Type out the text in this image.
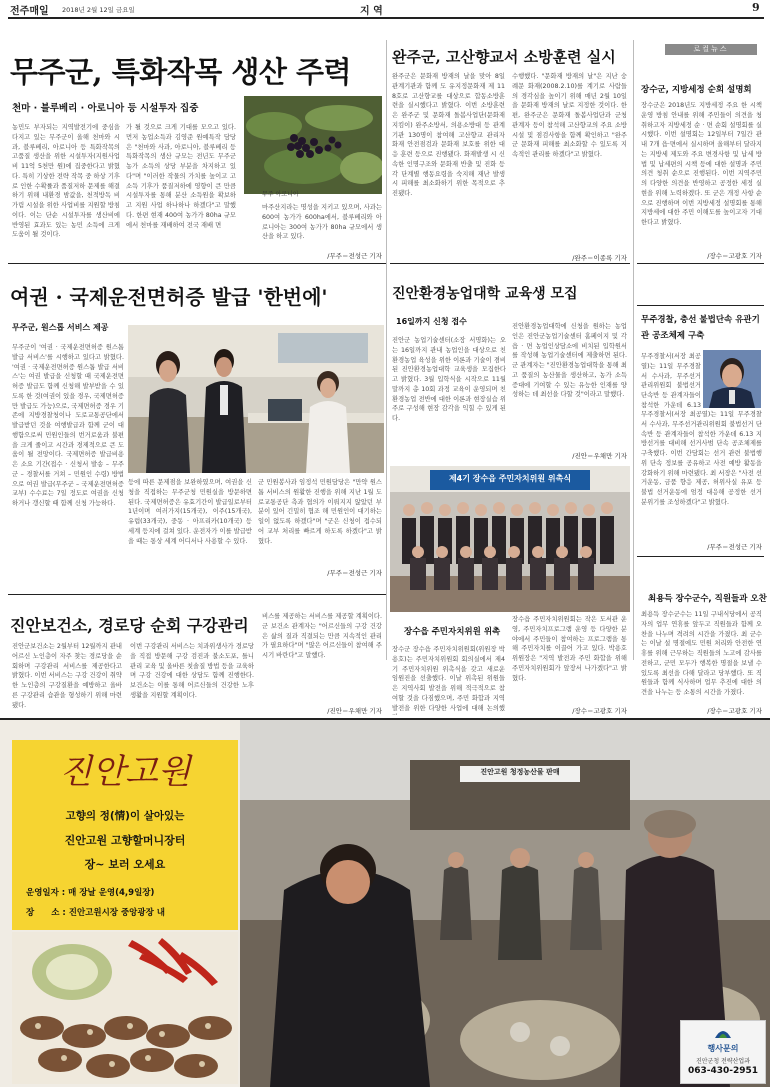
전주매일 2018년 2월 12일 금요일	지 역	9
무주군, 특화작목 생산 주력
천마 · 블루베리 · 아로니아 등 시설투자 집중
농민도 부자되는 지역발전기에 중심을 다지고 있는 무주군이 올해 천마와 시과, 블루베리, 아로니아 등 특화작목의 고품질 생산을 위한 시설투자(지원사업비 11억 5천만 원)에 집중한다고 밝혔다. 특히 기상한 전략 작목 중 하상 기후로 인한 수확률과 품질저하 문제를 해결하기 위해 내환경 밤값을, 천적방독 비가림 시설을 위한 사업비를 지원할 방침이다. 이는 단순 시설투자를 생산비에 반영된 효과도 있는 농민 소득에 크게 도움이 될 것이다.
가 될 것으로 크게 기대를 모으고 있다. 먼저 농업소득과 김영준 원예특작 담당은 "천마와 사과, 아로니아, 블루베리 등 특화작목의 생산 규모는 전년도 무주군 농가 소득의 상당 부분을 차지하고 있다"며 "이러한 작물의 가치를 높이고 고소득 기후가 품질저하에 영향이 큰 만큼 시설투자를 통해 분산 소득원을 확보하고 지원 사업 하나하나 하겠다"고 말했다. 한편 현재 400여 농가가 80ha 규모에서 천마를 재배하여 전국 재배 면
무주 아로니아
마주산지라는 명성을 지키고 있으며, 사과는 600여 농가가 600ha에서, 블루베리와 아로니아는 300여 농가가 80ha 규모에서 생산을 하고 있다.
/무주＝전성근 기자
완주군, 고산향교서 소방훈련 실시
완주군은 문화재 방재의 날을 맞아 8일 관계기관과 함께 도 유지정문화재 제 118호로 고산향교를 대상으로 합동소방훈련을 실시했다고 밝혔다. 이번 소방훈련은 완주군 및 문화재 돌봄사업단(문화재지킴이) 완주소방서, 의용소방대 등 관계기관 130명이 참여해 고산향교 관리자 화재 안전점검과 문화재 보호를 위한 대응 훈련 등으로 진행됐다. 화재발생 시 신속한 인명구조와 문화재 반출 및 진화 등 각 단계별 행동요령을 숙지해 재난 발생시 피해를 최소화하기 위한 목적으로 추진됐다.
수행했다. "문화재 방재의 날"은 지난 숭례문 화재(2008.2.10)를 계기로 사람들의 경각심을 높이기 위해 매년 2월 10일을 문화재 방재의 날로 지정한 것이다. 한편, 완주군은 문화재 돌봄사업단과 군청 관계자 등이 참석해 고산향교의 주요 소방시설 및 점검사항을 함께 확인하고 "완주군 문화재 피해를 최소화할 수 있도록 지속적인 관리를 하겠다"고 밝혔다.
/완주＝이종록 기자
로컬뉴스
장수군, 지방세정 순회 설명회
장수군은 2018년도 지방세정 주요 한 시책 운영 방침 안내를 위해 주민들이 의견을 청취하고자 지방세정 순 · 면 순회 설명회를 실시했다. 이번 설명회는 12일부터 7일간 관내 7개 읍·면에서 실시하며 올해부터 달라지는 지방세 제도와 주요 변경사항 및 납세 방법 및 납세편의 시책 등에 대한 설명과 주민의견 청취 순으로 진행된다. 이번 지역주민의 다양한 의견을 반영하고 공정한 세정 실현을 위해 노력하겠다. 또 군은 개정 사항 순으로 진행하며 이번 지방세정 설명회를 통해 지방세에 대한 주민 이해도를 높이고자 기대한다고 밝혔다.
/장수＝고광호 기자
여권 · 국제운전면허증 발급 '한번에'
무주군, 원스톱 서비스 제공
무주군이 '여권 · 국제운전면허증 원스톱 발급 서비스'를 시행하고 있다고 밝혔다. '여권 · 국제운전면허증 원스톱 발급 서비스'는 여권 발급을 신청할 때 국제운전면허증 발급도 함께 신청해 발부받을 수 있도록 한 것(여권이 있을 경우, 국제면허증만 발급도 가능)으로, 국제면허증 경우 기존에 지방경찰청이나 도로교통공단에서 발급받던 것을 여행발급과 함께 군이 대행함으로써 민원인들의 번거로움과 불편을 크게 줄이고 시간과 경제적으로 큰 도움이 될 전망이다. 국제면허증 발급비용은 소요 기간(접수 · 신청서 발송 – 무주군 – 경찰서를 거쳐 – 민원인 수령) 방법으로 여권 발급(무주군 – 국제운전면허증 교부) 수수료는 7일 정도로 여권을 신청하거나 갱신할 때 함께 신청 가능하다.
등에 따른 문제점을 보완하였으며, 여권을 신청을 직접하는 무주군청 민원실을 방문하면 된다. 국제면허증은 유효기간이 발급일로부터 1년이며 여러가지(15개국), 이주(15개국), 유럽(33개국), 중동 · 아프리카(10개국) 등 세계 등지에 걸쳐 있다. 운전자가 이를 발급받을 때는 통상 세계 어디서나 사용할 수 있다.
군 민원봉사과 임정석 민원담당은 "만약 원스톱 서비스의 원활한 진행을 위해 지난 1월 도로교통공단 측과 협의가 이뤄지지 않았던 부분이 있어 긴밀히 협조 해 민원인이 대기하는 일이 없도록 하겠다"며 "군은 신청이 접수되어 교부 처리를 빠르게 하도록 하겠다"고 밝혔다.
/무주＝전성근 기자
진안환경농업대학 교육생 모집
16일까지 신청 접수
진안군 농업기술센터(소장 서명화)는 오는 16일까지 관내 농업인을 대상으로 친환경농업 육성을 위한 이론과 기술이 겸비된 진안환경농업대학 교육생을 모집한다고 밝혔다. 3월 입학식을 시작으로 11월 말까지 총 10회 과정 교육이 운영되며 친환경농업 전반에 대한 이론과 현장실습 위주로 구성해 현장 감각을 익힐 수 있게 된다.
진안환경농업대학에 신청을 원하는 농업인은 진안군농업기술센터 홈페이지 및 각 읍 · 면 농업인상담소에 비치된 입학원서를 작성해 농업기술센터에 제출하면 된다. 군 관계자는 "진안환경농업대학을 통해 최고 품질의 농산물을 생산하고, 농가 소득증대에 기여할 수 있는 유능한 인재를 양성하는 데 최선을 다할 것"이라고 말했다.
/진안＝우채만 기자
제4기 장수읍 주민자치위원 위촉식
장수읍 주민자치위원 위촉
장수군 장수읍 주민자치위원회(위원장 박용호)는 주민자치위원회 회의실에서 제4기 주민자치위원 위촉식을 갖고 새로운 임원진을 선출했다. 이날 위촉된 위원들은 지역사회 발전을 위해 적극적으로 참여할 것을 다짐했으며, 주민 화합과 지역 발전을 위한 다양한 사업에 대해 논의했
장수읍 주민자치위원회는 작은 도서관 운영, 주민자치프로그램 운영 등 다양한 분야에서 주민들이 참여하는 프로그램을 통해 주민자치를 이끌어 가고 있다. 박용호 위원장은 "지역 발전과 주민 화합을 위해 주민자치위원회가 앞장서 나가겠다"고 밝혔다.
/장수＝고광호 기자
무주경찰, 충선 불법단속 유관기관 공조체제 구축
무주경찰서(서장 최공열)는 11일 무주경찰서 수사과, 무주선거관리위원회 불법선거 단속반 등 관계자들이 참석한 가운데 6.13
무주경찰서(서장 최공열)는 11일 무주경찰서 수사과, 무주선거관리위원회 불법선거 단속반 등 관계자들이 참석한 가운데 6.13 지방선거를 대비해 선거사범 단속 공조체제를 구축했다. 이번 간담회는 선거 관련 불법행위 단속 정보를 공유하고 사전 예방 활동을 강화하기 위해 마련됐다. 최 서장은 "사전 선거운동, 금품 향응 제공, 허위사실 유포 등 불법 선거운동에 엄정 대응해 공정한 선거 분위기를 조성하겠다"고 밝혔다.
/무주＝전성근 기자
최용득 장수군수, 직원들과 오찬
최용득 장수군수는 11일 구내식당에서 공직자의 업무 연휴를 앞두고 직원들과 함께 오찬을 나누며 격려의 시간을 가졌다. 최 군수는 이날 설 명절에도 민원 처리와 안전한 연휴를 위해 근무하는 직원들의 노고에 감사를 전하고, 군민 모두가 행복한 명절을 보낼 수 있도록 최선을 다해 달라고 당부했다. 또 직원들과 함께 식사하며 업무 추진에 대한 의견을 나누는 등 소통의 시간을 가졌다.
/장수＝고광호 기자
진안보건소, 경로당 순회 구강관리
진안군보건소는 2월부터 12월까지 관내 어르신 노인층이 자주 찾는 경로당을 순회하며 구강관리 서비스를 제공한다고 밝혔다. 이번 서비스는 구강 건강이 취약한 노인층의 구강질환을 예방하고 올바른 구강관리 습관을 형성하기 위해 마련됐다.
이번 구강관리 서비스는 치과위생사가 경로당을 직접 방문해 구강 검진과 불소도포, 틀니 관리 교육 및 올바른 칫솔질 방법 등을 교육하며 구강 건강에 대한 상담도 함께 진행한다. 보건소는 이를 통해 어르신들의 건강한 노후 생활을 지원할 계획이다.
비스를 제공하는 서비스를 제공할 계획이다. 군 보건소 관계자는 "어르신들의 구강 건강은 삶의 질과 직결되는 만큼 지속적인 관리가 필요하다"며 "많은 어르신들이 참여해 주시기 바란다"고 말했다.
/진안＝우채만 기자
진안고원
고향의 정(情)이 살아있는
진안고원 고향할머니장터
장~ 보러 오세요
운영일자 : 매 장날 운영(4,9일장)
장　　소 : 진안고원시장 중앙광장 내
진안고원 청정농산물 판매
행사문의
진안군청 전략산업과
063-430-2951
